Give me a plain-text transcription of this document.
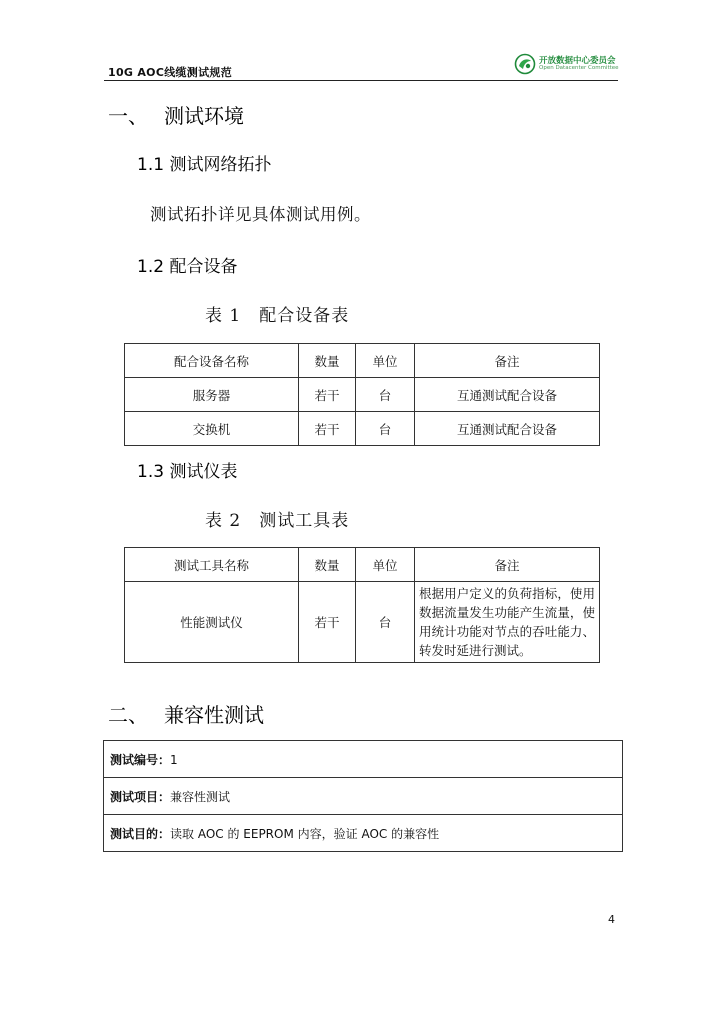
10G AOC线缆测试规范
开放数据中心委员会
Open Datacenter Committee
一、 测试环境
1.1 测试网络拓扑
测试拓扑详见具体测试用例。
1.2 配合设备
表 1 配合设备表
配合设备名称	数量	单位	备注
服务器	若干	台	互通测试配合设备
交换机	若干	台	互通测试配合设备
1.3 测试仪表
表 2 测试工具表
测试工具名称	数量	单位	备注
性能测试仪	若干	台	根据用户定义的负荷指标，使用数据流量发生功能产生流量，使用统计功能对节点的吞吐能力、转发时延进行测试。
二、 兼容性测试
测试编号：1
测试项目：兼容性测试
测试目的：读取 AOC 的 EEPROM 内容，验证 AOC 的兼容性
4
